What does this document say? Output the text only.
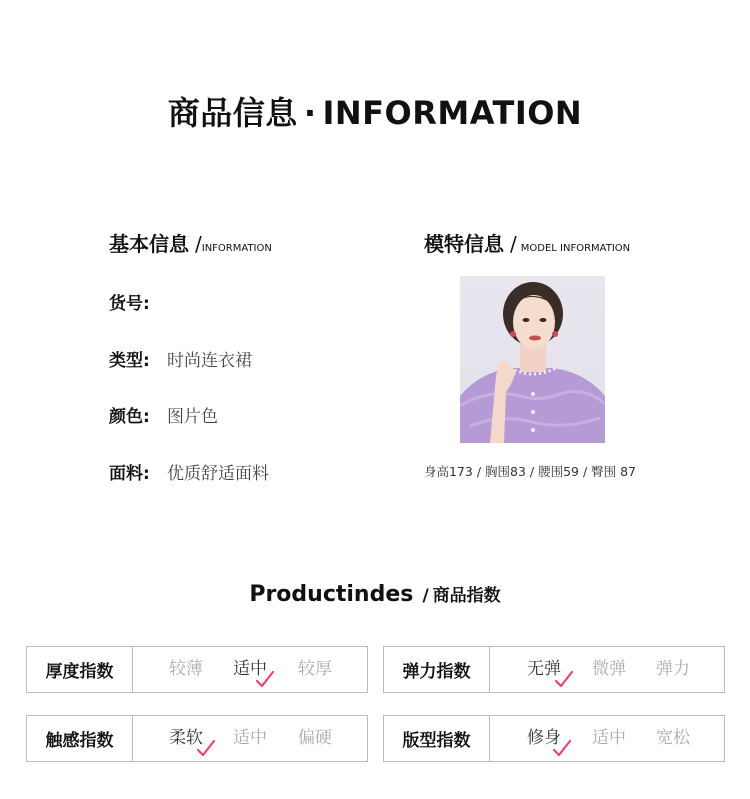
商品信息 · INFORMATION
基本信息 /INFORMATION
货号:
类型: 时尚连衣裙
颜色: 图片色
面料: 优质舒适面料
模特信息 / MODEL INFORMATION
身高173 / 胸围83 / 腰围59 / 臀围 87
Productindes / 商品指数
厚度指数	较薄 适中 较厚	弹力指数	无弹 微弹 弹力
触感指数	柔软 适中 偏硬	版型指数	修身 适中 宽松
